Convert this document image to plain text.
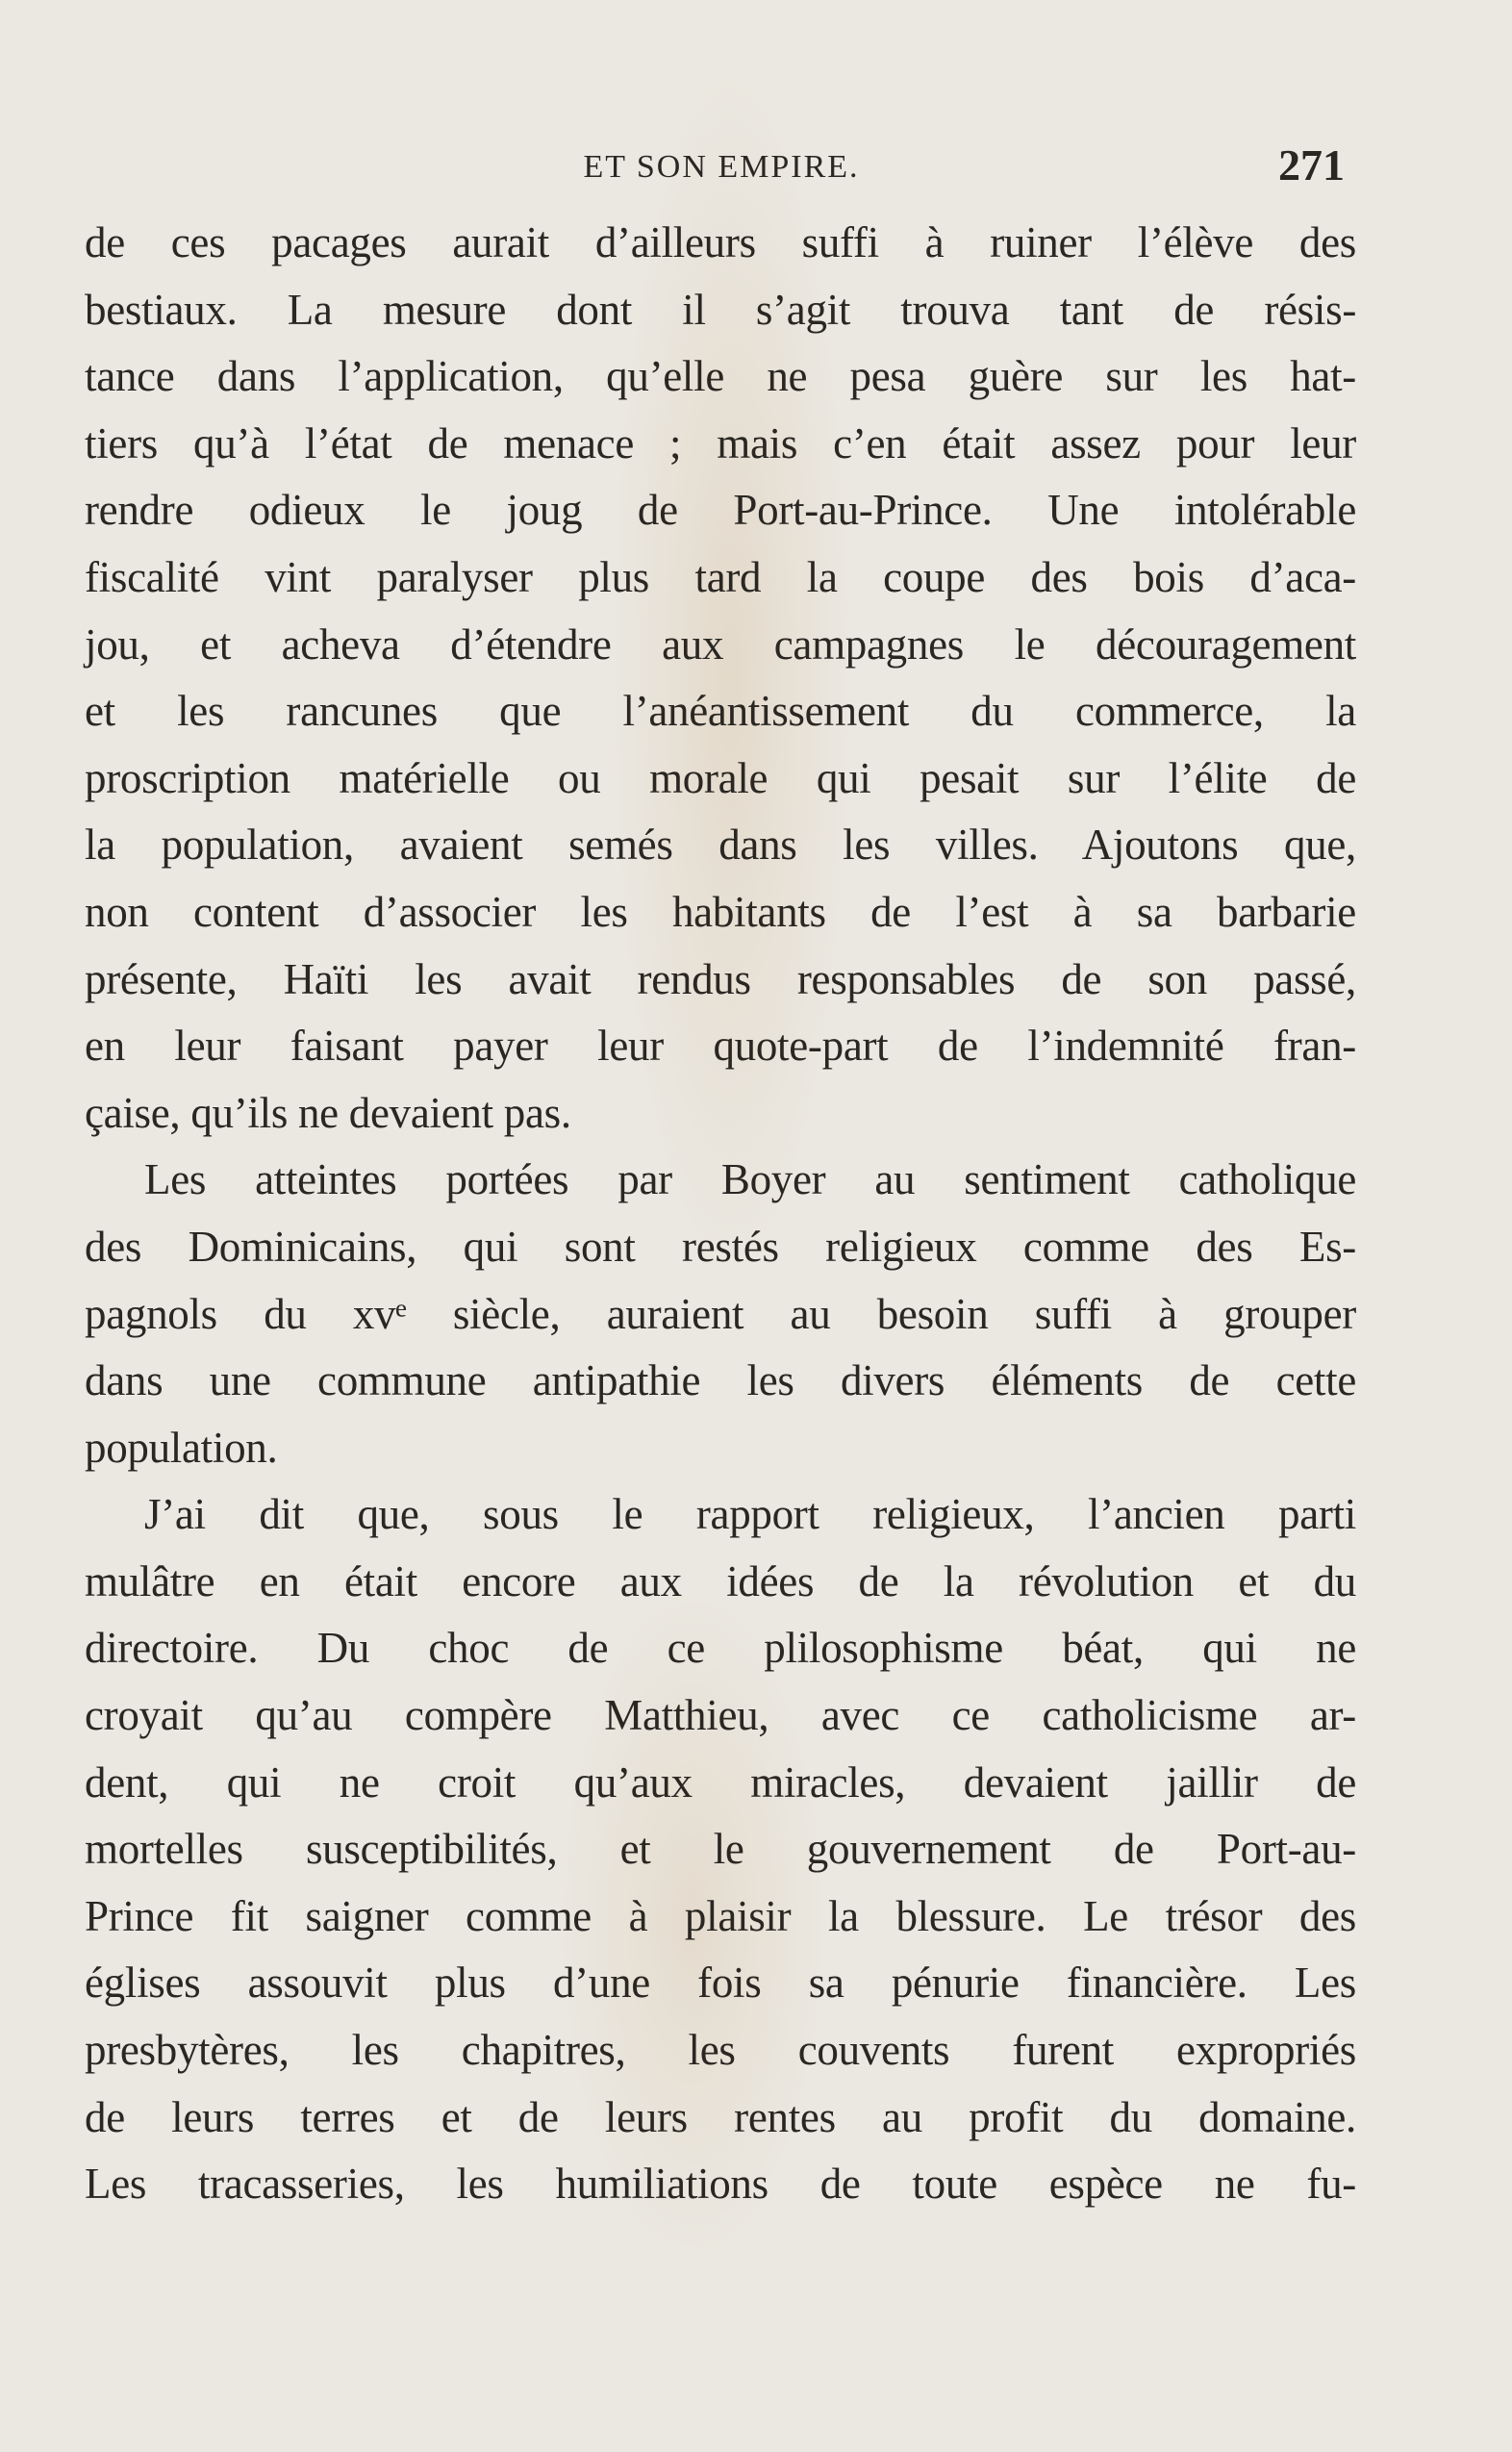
ET SON EMPIRE.	271
de ces pacages aurait d’ailleurs suffi à ruiner l’élève des
bestiaux. La mesure dont il s’agit trouva tant de résis-
tance dans l’application, qu’elle ne pesa guère sur les hat-
tiers qu’à l’état de menace ; mais c’en était assez pour leur
rendre odieux le joug de Port-au-Prince. Une intolérable
fiscalité vint paralyser plus tard la coupe des bois d’aca-
jou, et acheva d’étendre aux campagnes le découragement
et les rancunes que l’anéantissement du commerce, la
proscription matérielle ou morale qui pesait sur l’élite de
la population, avaient semés dans les villes. Ajoutons que,
non content d’associer les habitants de l’est à sa barbarie
présente, Haïti les avait rendus responsables de son passé,
en leur faisant payer leur quote-part de l’indemnité fran-
çaise, qu’ils ne devaient pas.
Les atteintes portées par Boyer au sentiment catholique
des Dominicains, qui sont restés religieux comme des Es-
pagnols du xvᵉ siècle, auraient au besoin suffi à grouper
dans une commune antipathie les divers éléments de cette
population.
J’ai dit que, sous le rapport religieux, l’ancien parti
mulâtre en était encore aux idées de la révolution et du
directoire. Du choc de ce plilosophisme béat, qui ne
croyait qu’au compère Matthieu, avec ce catholicisme ar-
dent, qui ne croit qu’aux miracles, devaient jaillir de
mortelles susceptibilités, et le gouvernement de Port-au-
Prince fit saigner comme à plaisir la blessure. Le trésor des
églises assouvit plus d’une fois sa pénurie financière. Les
presbytères, les chapitres, les couvents furent expropriés
de leurs terres et de leurs rentes au profit du domaine.
Les tracasseries, les humiliations de toute espèce ne fu-
